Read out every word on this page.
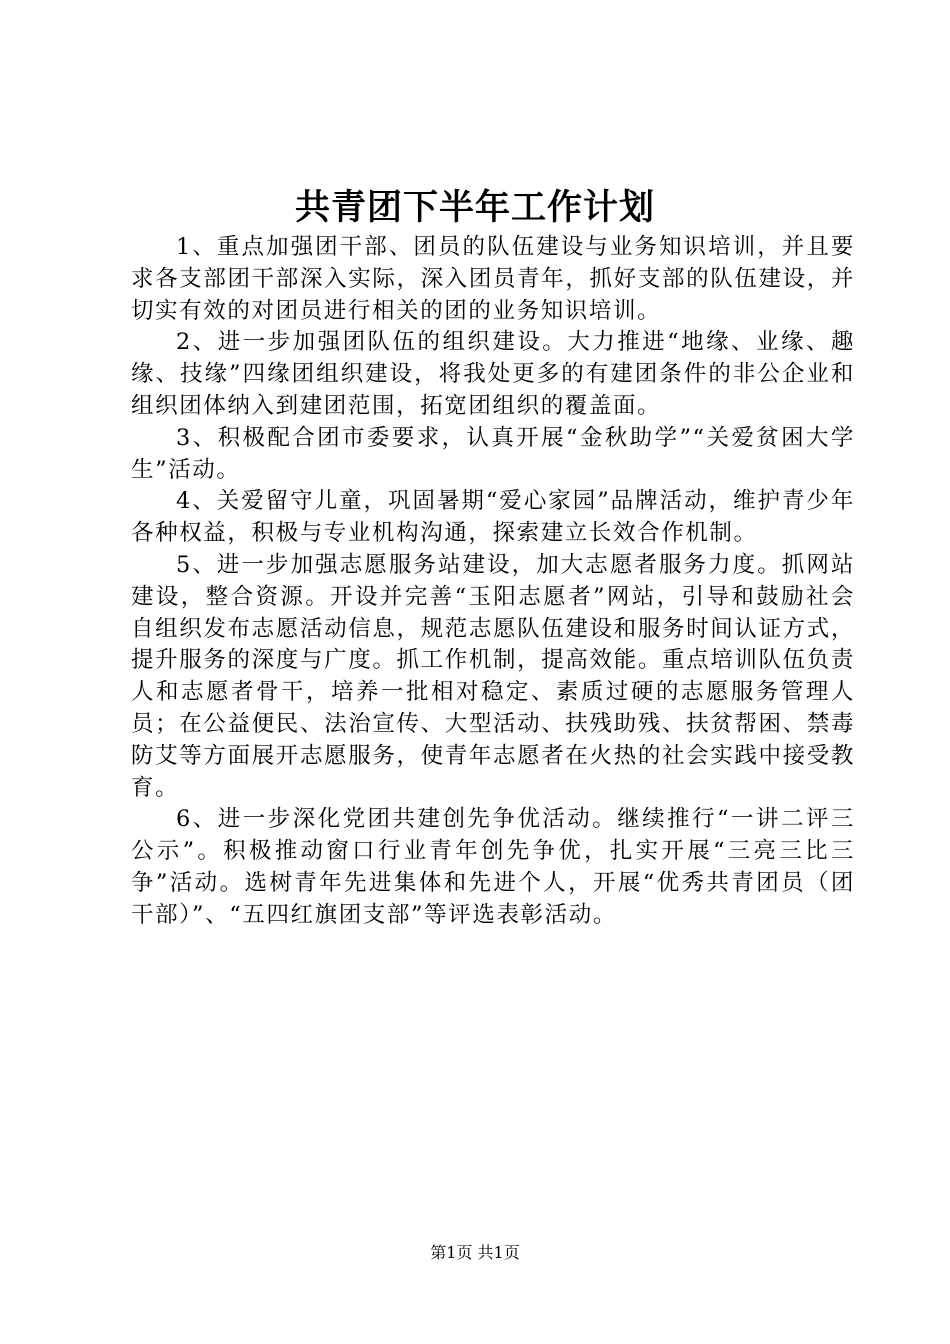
共青团下半年工作计划

1、重点加强团干部、团员的队伍建设与业务知识培训，并且要求各支部团干部深入实际，深入团员青年，抓好支部的队伍建设，并切实有效的对团员进行相关的团的业务知识培训。

2、进一步加强团队伍的组织建设。大力推进“地缘、业缘、趣缘、技缘”四缘团组织建设，将我处更多的有建团条件的非公企业和组织团体纳入到建团范围，拓宽团组织的覆盖面。

3、积极配合团市委要求，认真开展“金秋助学”“关爱贫困大学生”活动。

4、关爱留守儿童，巩固暑期“爱心家园”品牌活动，维护青少年各种权益，积极与专业机构沟通，探索建立长效合作机制。

5、进一步加强志愿服务站建设，加大志愿者服务力度。抓网站建设，整合资源。开设并完善“玉阳志愿者”网站，引导和鼓励社会自组织发布志愿活动信息，规范志愿队伍建设和服务时间认证方式，提升服务的深度与广度。抓工作机制，提高效能。重点培训队伍负责人和志愿者骨干，培养一批相对稳定、素质过硬的志愿服务管理人员；在公益便民、法治宣传、大型活动、扶残助残、扶贫帮困、禁毒防艾等方面展开志愿服务，使青年志愿者在火热的社会实践中接受教育。

6、进一步深化党团共建创先争优活动。继续推行“一讲二评三公示”。积极推动窗口行业青年创先争优，扎实开展“三亮三比三争”活动。选树青年先进集体和先进个人，开展“优秀共青团员（团干部）”、“五四红旗团支部”等评选表彰活动。

第1页 共1页
